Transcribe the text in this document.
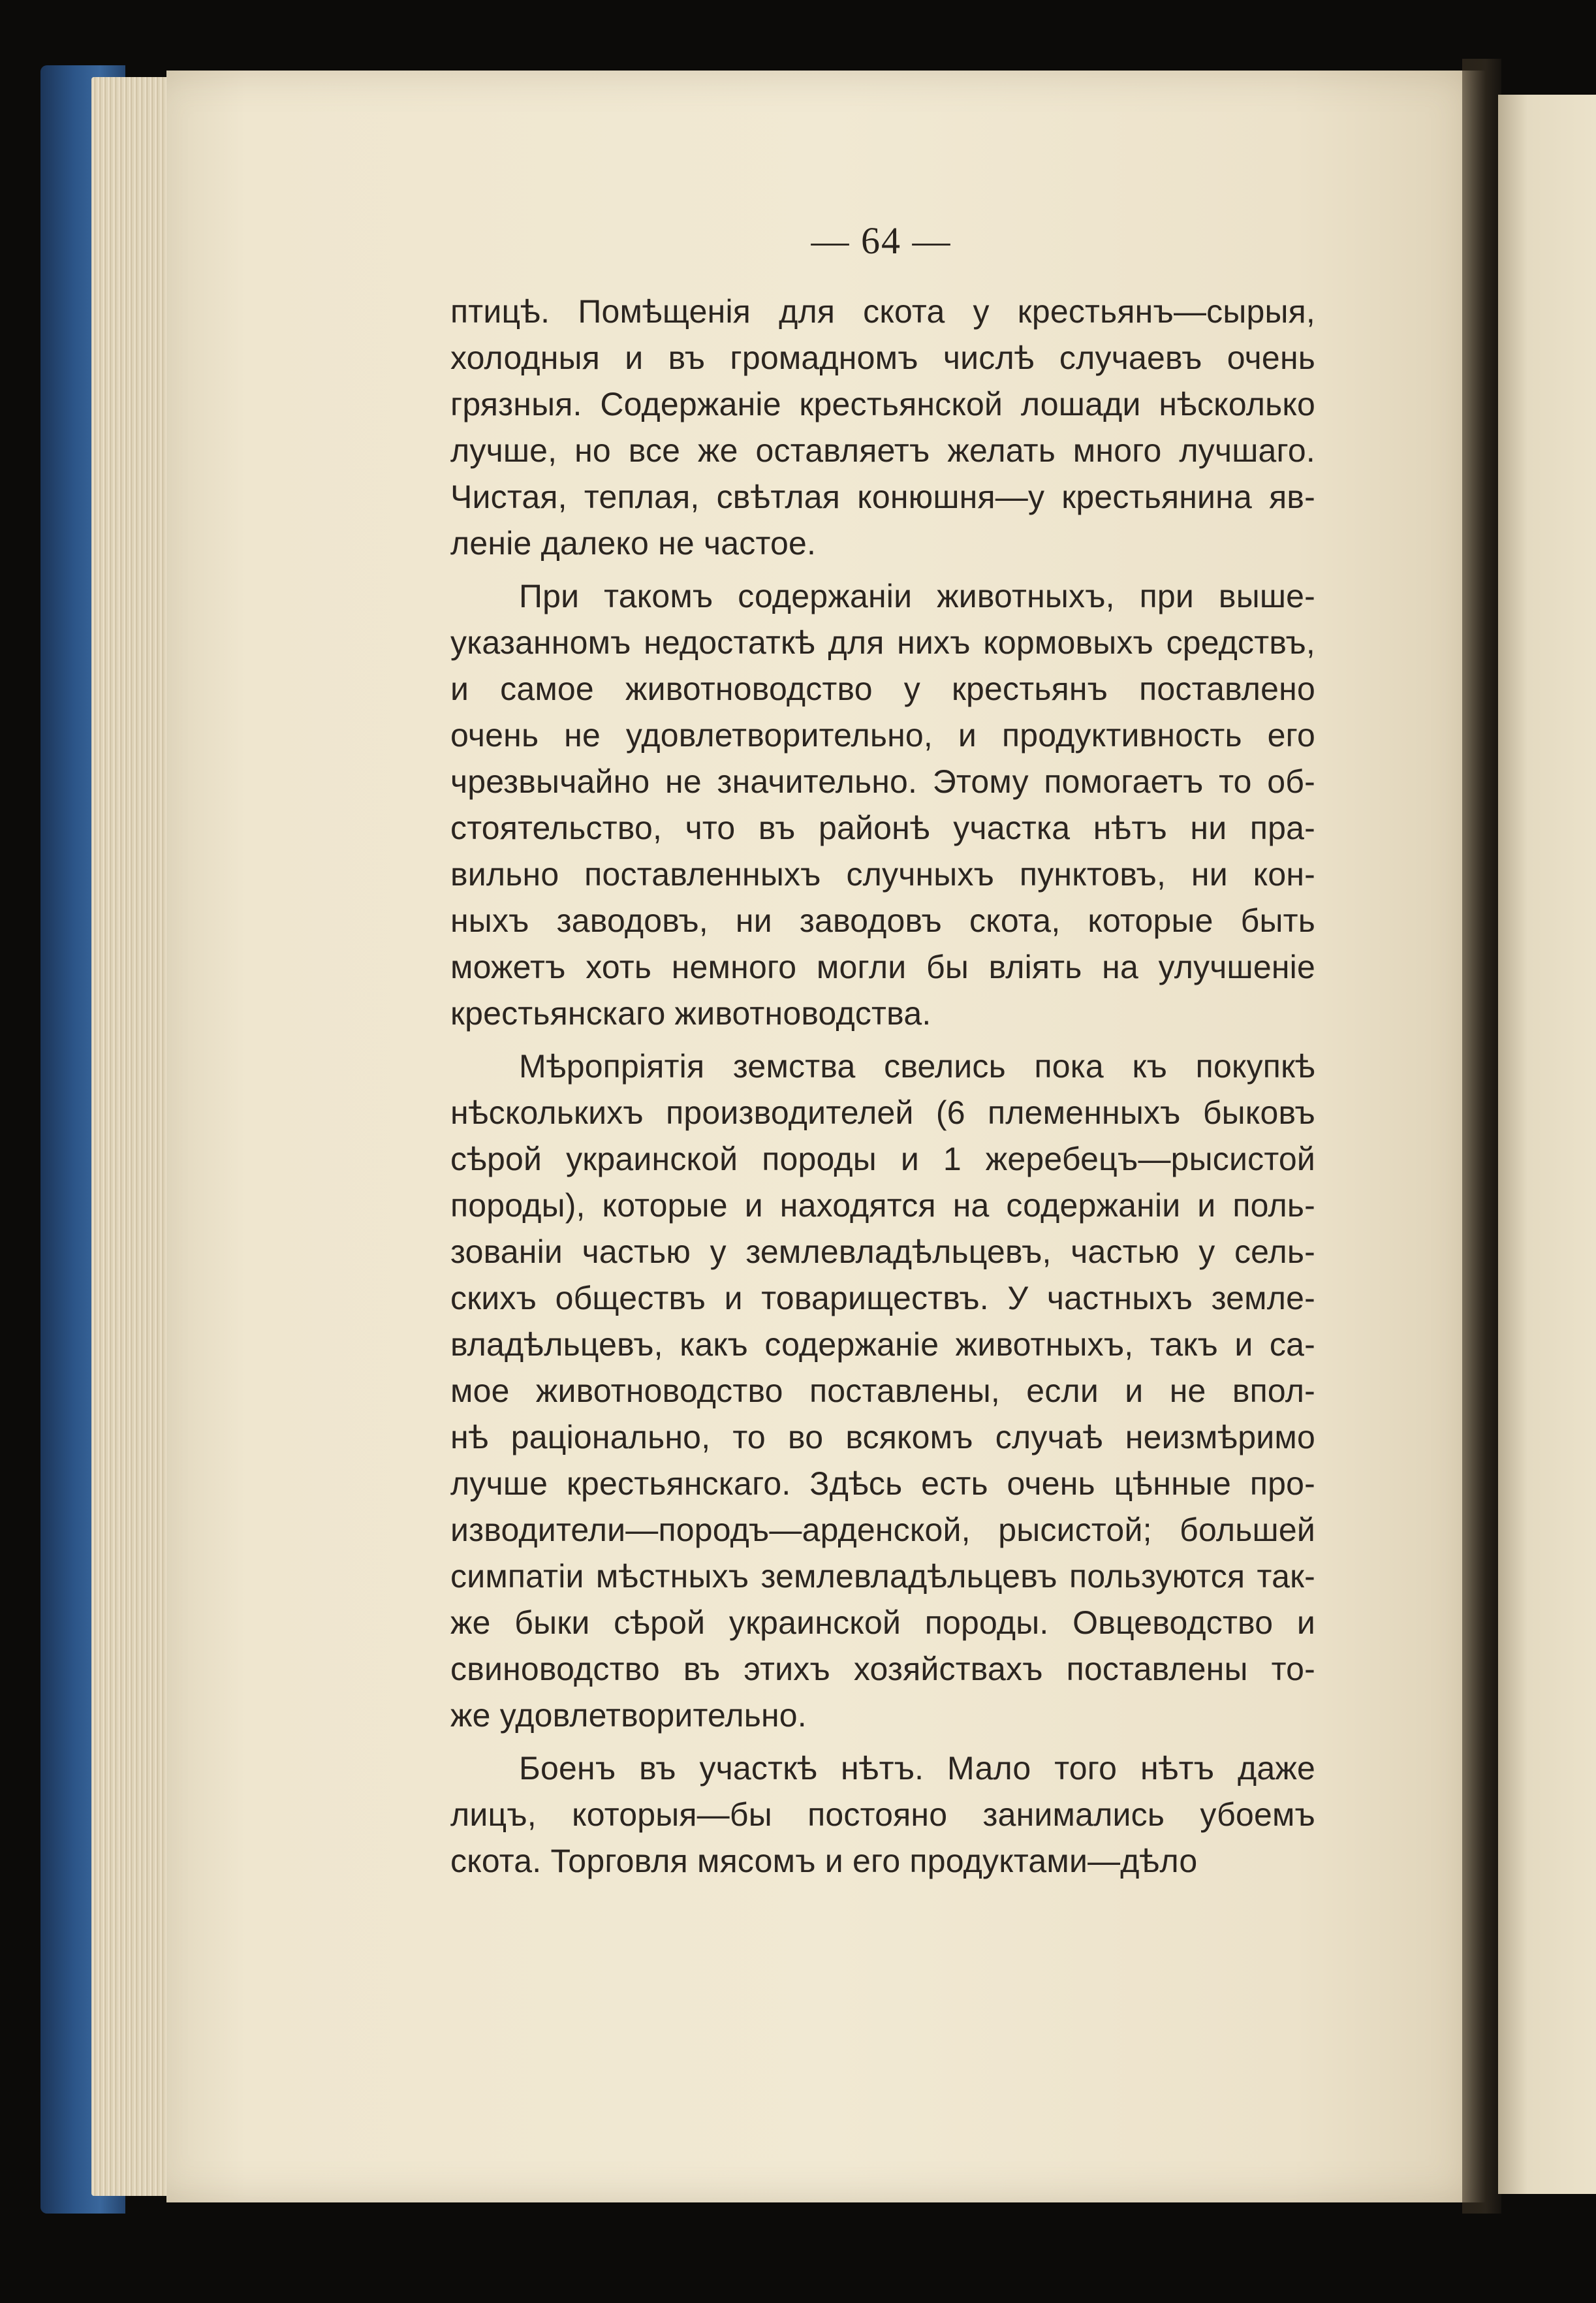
— 64 —
птицѣ. Помѣщенія для скота у крестьянъ—сырыя,
холодныя и въ громадномъ числѣ случаевъ очень
грязныя. Содержаніе крестьянской лошади нѣсколько
лучше, но все же оставляетъ желать много лучшаго.
Чистая, теплая, свѣтлая конюшня—у крестьянина яв-
леніе далеко не частое.
При такомъ содержаніи животныхъ, при выше-
указанномъ недостаткѣ для нихъ кормовыхъ средствъ,
и самое животноводство у крестьянъ поставлено
очень не удовлетворительно, и продуктивность его
чрезвычайно не значительно. Этому помогаетъ то об-
стоятельство, что въ районѣ участка нѣтъ ни пра-
вильно поставленныхъ случныхъ пунктовъ, ни кон-
ныхъ заводовъ, ни заводовъ скота, которые быть
можетъ хоть немного могли бы вліять на улучшеніе
крестьянскаго животноводства.
Мѣропріятія земства свелись пока къ покупкѣ
нѣсколькихъ производителей (6 племенныхъ быковъ
сѣрой украинской породы и 1 жеребецъ—рысистой
породы), которые и находятся на содержаніи и поль-
зованіи частью у землевладѣльцевъ, частью у сель-
скихъ обществъ и товариществъ. У частныхъ земле-
владѣльцевъ, какъ содержаніе животныхъ, такъ и са-
мое животноводство поставлены, если и не впол-
нѣ раціонально, то во всякомъ случаѣ неизмѣримо
лучше крестьянскаго. Здѣсь есть очень цѣнные про-
изводители—породъ—арденской, рысистой; большей
симпатіи мѣстныхъ землевладѣльцевъ пользуются так-
же быки сѣрой украинской породы. Овцеводство и
свиноводство въ этихъ хозяйствахъ поставлены то-
же удовлетворительно.
Боенъ въ участкѣ нѣтъ. Мало того нѣтъ даже
лицъ, которыя—бы постояно занимались убоемъ
скота. Торговля мясомъ и его продуктами—дѣло
